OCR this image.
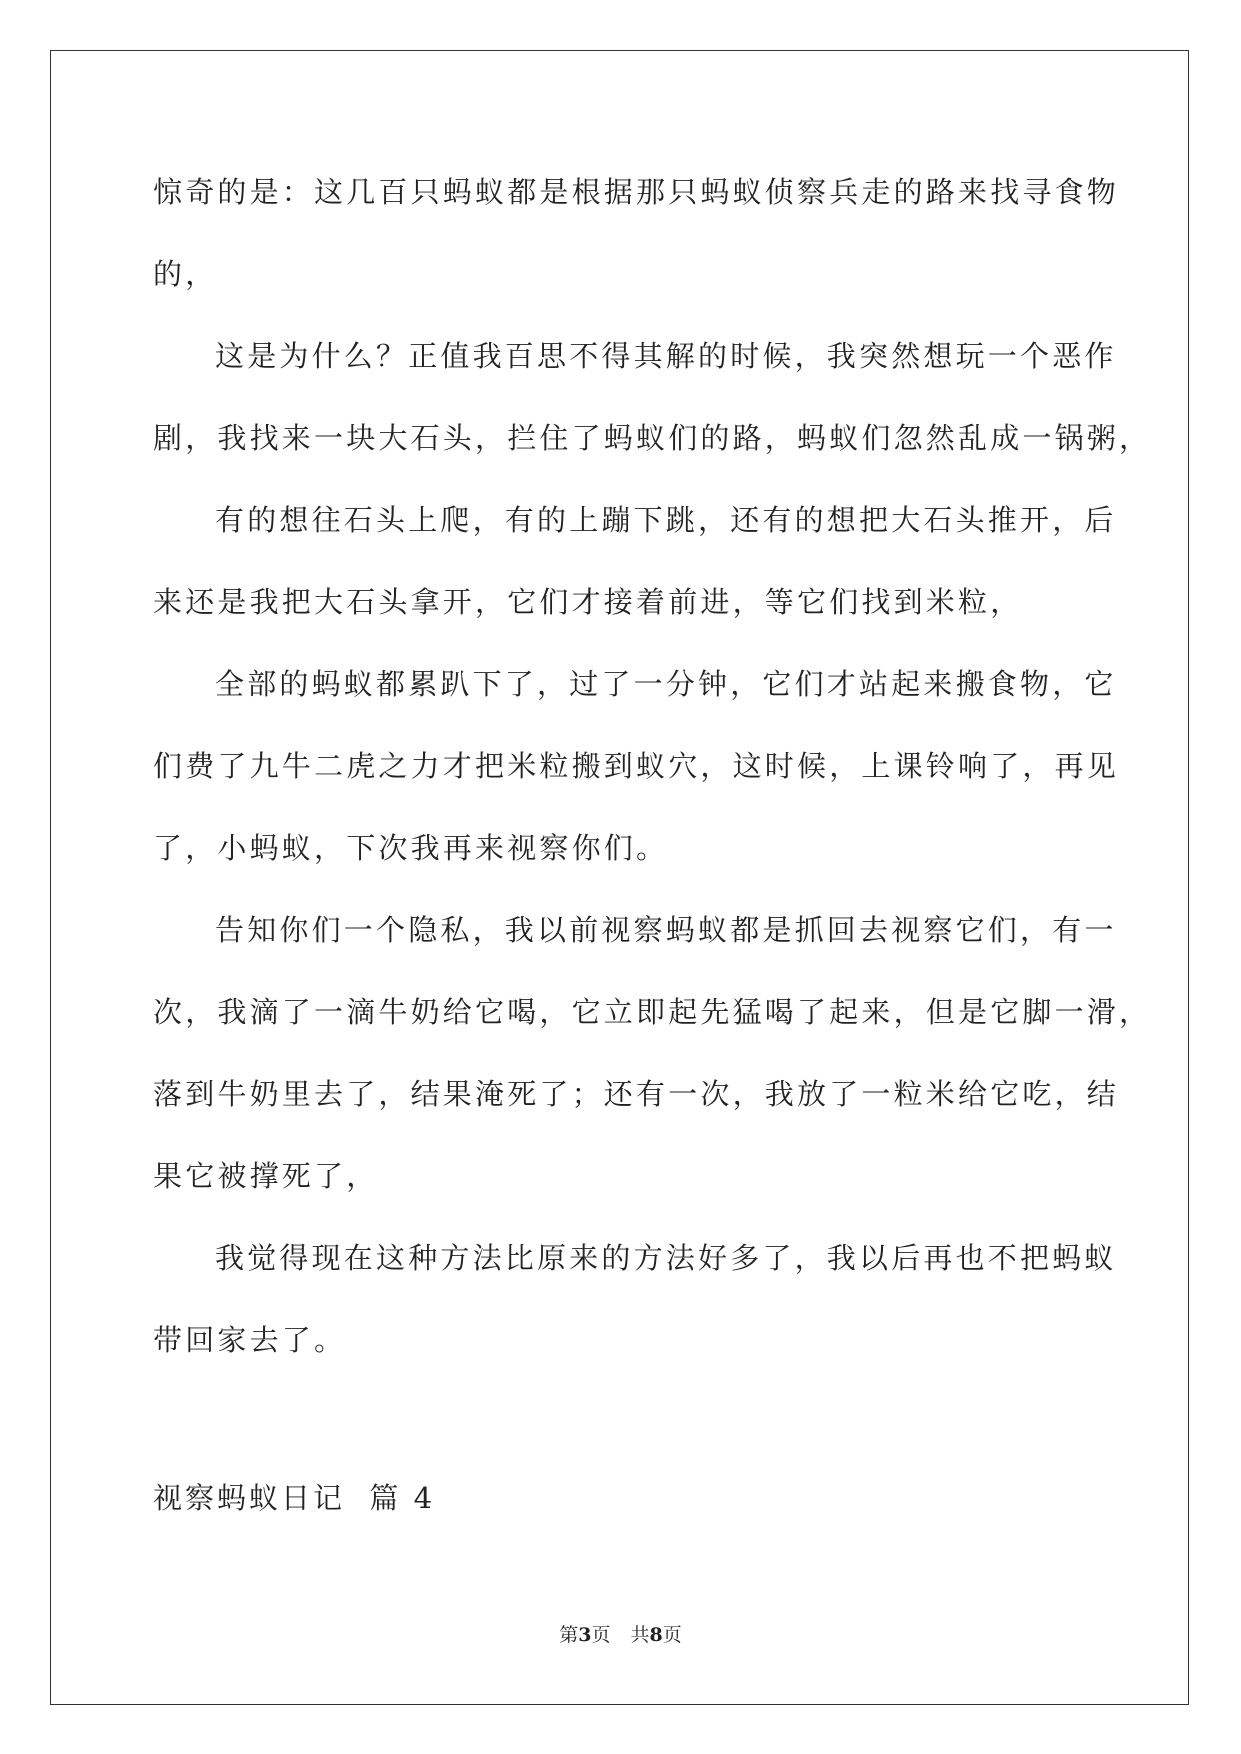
惊奇的是：这几百只蚂蚁都是根据那只蚂蚁侦察兵走的路来找寻食物
的，
这是为什么？正值我百思不得其解的时候，我突然想玩一个恶作
剧，我找来一块大石头，拦住了蚂蚁们的路，蚂蚁们忽然乱成一锅粥，
有的想往石头上爬，有的上蹦下跳，还有的想把大石头推开，后
来还是我把大石头拿开，它们才接着前进，等它们找到米粒，
全部的蚂蚁都累趴下了，过了一分钟，它们才站起来搬食物，它
们费了九牛二虎之力才把米粒搬到蚁穴，这时候，上课铃响了，再见
了，小蚂蚁，下次我再来视察你们。
告知你们一个隐私，我以前视察蚂蚁都是抓回去视察它们，有一
次，我滴了一滴牛奶给它喝，它立即起先猛喝了起来，但是它脚一滑，
落到牛奶里去了，结果淹死了；还有一次，我放了一粒米给它吃，结
果它被撑死了，
我觉得现在这种方法比原来的方法好多了，我以后再也不把蚂蚁
带回家去了。
视察蚂蚁日记  篇 4
第3页 共8页
